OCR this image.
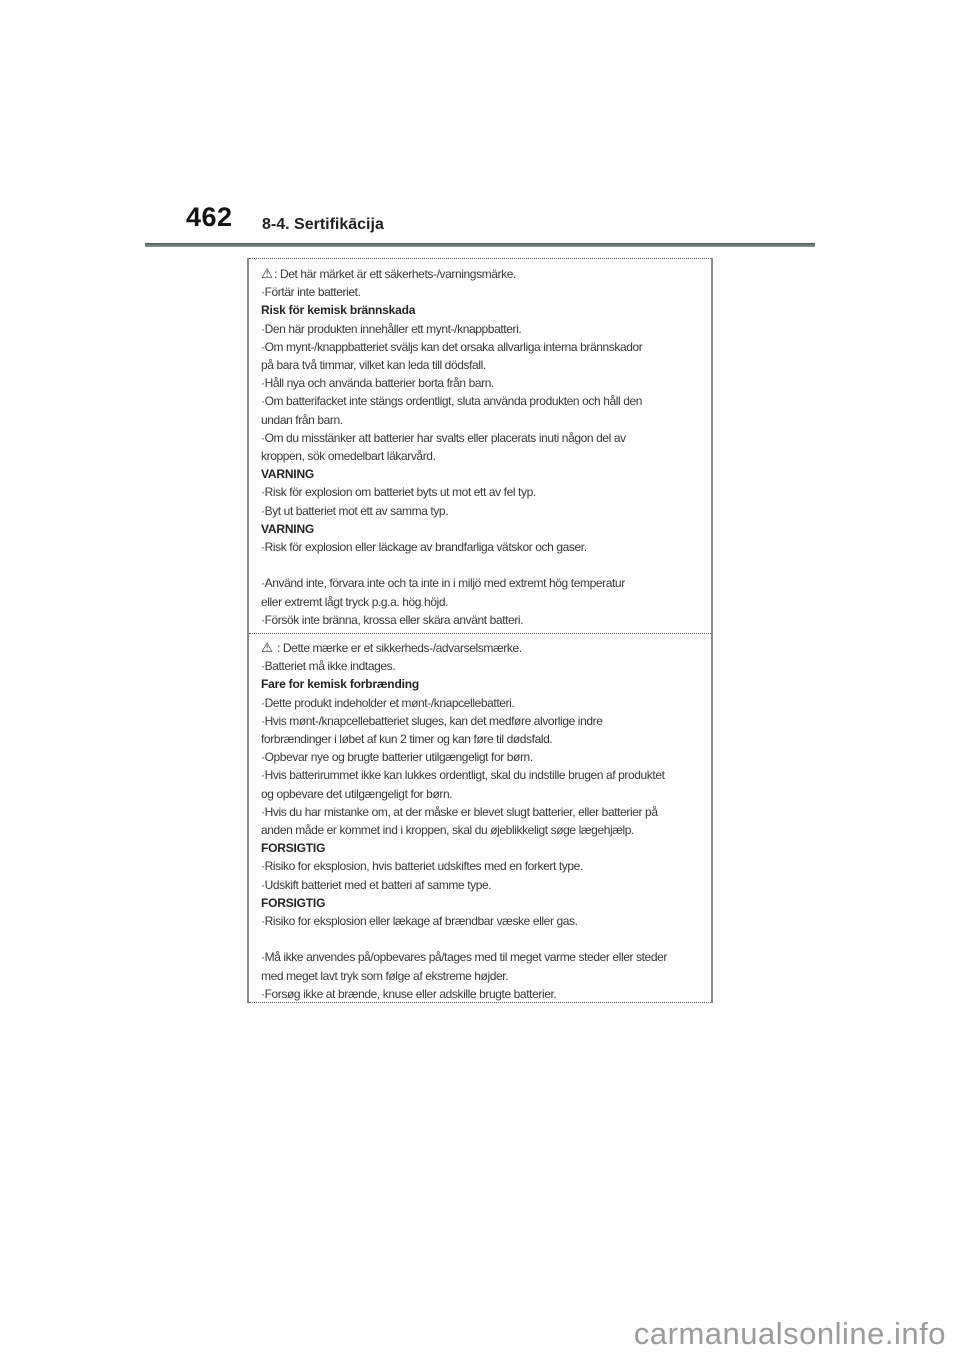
462 8-4. Sertifikācija
⚠: Det här märket är ett säkerhets-/varningsmärke.
·Förtär inte batteriet.
Risk för kemisk brännskada
·Den här produkten innehåller ett mynt-/knappbatteri.
·Om mynt-/knappbatteriet sväljs kan det orsaka allvarliga interna brännskador
på bara två timmar, vilket kan leda till dödsfall.
·Håll nya och använda batterier borta från barn.
·Om batterifacket inte stängs ordentligt, sluta använda produkten och håll den
undan från barn.
·Om du misstänker att batterier har svalts eller placerats inuti någon del av
kroppen, sök omedelbart läkarvård.
VARNING
·Risk för explosion om batteriet byts ut mot ett av fel typ.
·Byt ut batteriet mot ett av samma typ.
VARNING
·Risk för explosion eller läckage av brandfarliga vätskor och gaser.

·Använd inte, förvara inte och ta inte in i miljö med extremt hög temperatur
eller extremt lågt tryck p.g.a. hög höjd.
·Försök inte bränna, krossa eller skära använt batteri.
⚠ : Dette mærke er et sikkerheds-/advarselsmærke.
·Batteriet må ikke indtages.
Fare for kemisk forbrænding
·Dette produkt indeholder et mønt-/knapcellebatteri.
·Hvis mønt-/knapcellebatteriet sluges, kan det medføre alvorlige indre
forbrændinger i løbet af kun 2 timer og kan føre til dødsfald.
·Opbevar nye og brugte batterier utilgængeligt for børn.
·Hvis batterirummet ikke kan lukkes ordentligt, skal du indstille brugen af produktet
og opbevare det utilgængeligt for børn.
·Hvis du har mistanke om, at der måske er blevet slugt batterier, eller batterier på
anden måde er kommet ind i kroppen, skal du øjeblikkeligt søge lægehjælp.
FORSIGTIG
·Risiko for eksplosion, hvis batteriet udskiftes med en forkert type.
·Udskift batteriet med et batteri af samme type.
FORSIGTIG
·Risiko for eksplosion eller lækage af brændbar væske eller gas.

·Må ikke anvendes på/opbevares på/tages med til meget varme steder eller steder
med meget lavt tryk som følge af ekstreme højder.
·Forsøg ikke at brænde, knuse eller adskille brugte batterier.
carmanualsonline.info
